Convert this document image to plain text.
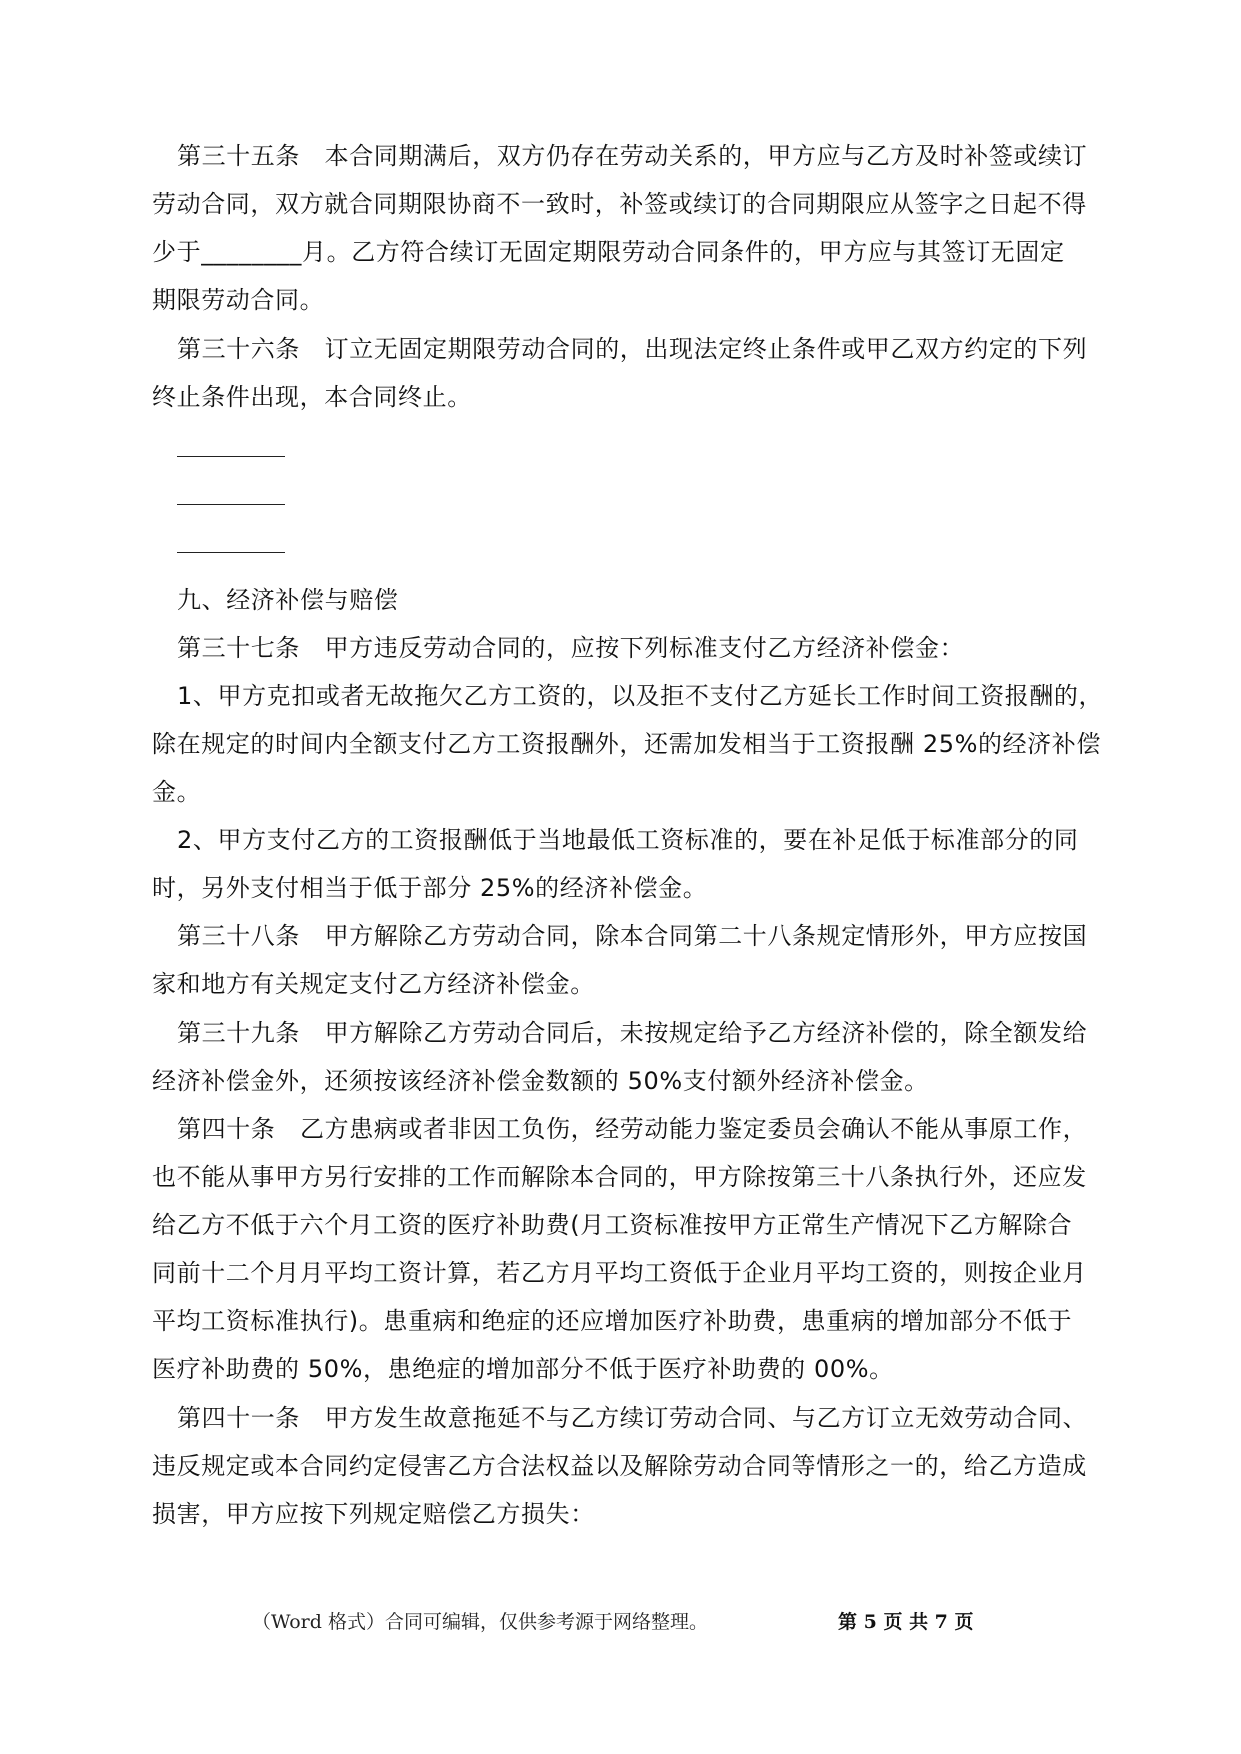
第三十五条　本合同期满后，双方仍存在劳动关系的，甲方应与乙方及时补签或续订
劳动合同，双方就合同期限协商不一致时，补签或续订的合同期限应从签字之日起不得
少于________月。乙方符合续订无固定期限劳动合同条件的，甲方应与其签订无固定
期限劳动合同。
第三十六条　订立无固定期限劳动合同的，出现法定终止条件或甲乙双方约定的下列
终止条件出现，本合同终止。
九、经济补偿与赔偿
第三十七条　甲方违反劳动合同的，应按下列标准支付乙方经济补偿金：
1、甲方克扣或者无故拖欠乙方工资的，以及拒不支付乙方延长工作时间工资报酬的，
除在规定的时间内全额支付乙方工资报酬外，还需加发相当于工资报酬 25%的经济补偿
金。
2、甲方支付乙方的工资报酬低于当地最低工资标准的，要在补足低于标准部分的同
时，另外支付相当于低于部分 25%的经济补偿金。
第三十八条　甲方解除乙方劳动合同，除本合同第二十八条规定情形外，甲方应按国
家和地方有关规定支付乙方经济补偿金。
第三十九条　甲方解除乙方劳动合同后，未按规定给予乙方经济补偿的，除全额发给
经济补偿金外，还须按该经济补偿金数额的 50%支付额外经济补偿金。
第四十条　乙方患病或者非因工负伤，经劳动能力鉴定委员会确认不能从事原工作，
也不能从事甲方另行安排的工作而解除本合同的，甲方除按第三十八条执行外，还应发
给乙方不低于六个月工资的医疗补助费(月工资标准按甲方正常生产情况下乙方解除合
同前十二个月月平均工资计算，若乙方月平均工资低于企业月平均工资的，则按企业月
平均工资标准执行)。患重病和绝症的还应增加医疗补助费，患重病的增加部分不低于
医疗补助费的 50%，患绝症的增加部分不低于医疗补助费的 00%。
第四十一条　甲方发生故意拖延不与乙方续订劳动合同、与乙方订立无效劳动合同、
违反规定或本合同约定侵害乙方合法权益以及解除劳动合同等情形之一的，给乙方造成
损害，甲方应按下列规定赔偿乙方损失：
（Word 格式）合同可编辑，仅供参考源于网络整理。	第 5 页 共 7 页
